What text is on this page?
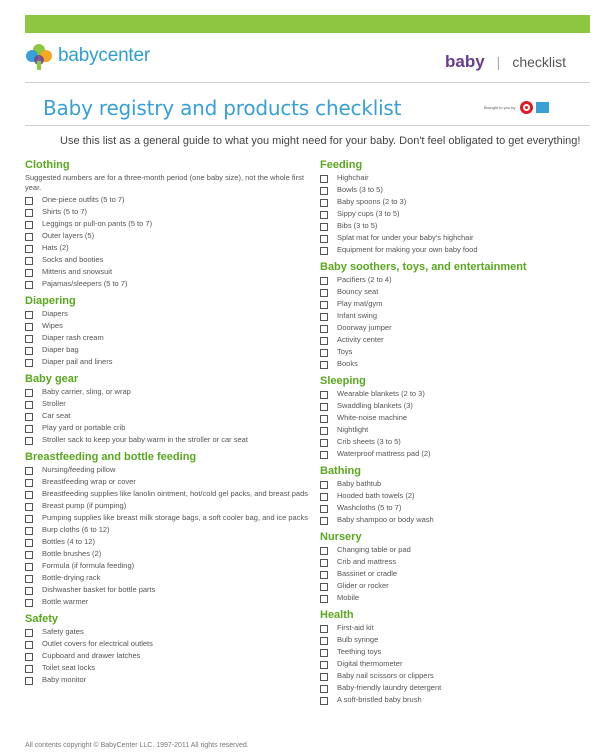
babycenter	baby | checklist
Baby registry and products checklist	Brought to you by
Use this list as a general guide to what you might need for your baby. Don't feel obligated to get everything!
Clothing
Suggested numbers are for a three-month period (one baby size), not the whole first year.
One-piece outfits (5 to 7)
Shirts (5 to 7)
Leggings or pull-on pants (5 to 7)
Outer layers (5)
Hats (2)
Socks and booties
Mittens and snowsuit
Pajamas/sleepers (5 to 7)
Diapering
Diapers
Wipes
Diaper rash cream
Diaper bag
Diaper pail and liners
Baby gear
Baby carrier, sling, or wrap
Stroller
Car seat
Play yard or portable crib
Stroller sack to keep your baby warm in the stroller or car seat
Breastfeeding and bottle feeding
Nursing/feeding pillow
Breastfeeding wrap or cover
Breastfeeding supplies like lanolin ointment, hot/cold gel packs, and breast pads
Breast pump (if pumping)
Pumping supplies like breast milk storage bags, a soft cooler bag, and ice packs
Burp cloths (6 to 12)
Bottles (4 to 12)
Bottle brushes (2)
Formula (if formula feeding)
Bottle-drying rack
Dishwasher basket for bottle parts
Bottle warmer
Safety
Safety gates
Outlet covers for electrical outlets
Cupboard and drawer latches
Toilet seat locks
Baby monitor
Feeding
Highchair
Bowls (3 to 5)
Baby spoons (2 to 3)
Sippy cups (3 to 5)
Bibs (3 to 5)
Splat mat for under your baby's highchair
Equipment for making your own baby food
Baby soothers, toys, and entertainment
Pacifiers (2 to 4)
Bouncy seat
Play mat/gym
Infant swing
Doorway jumper
Activity center
Toys
Books
Sleeping
Wearable blankets (2 to 3)
Swaddling blankets (3)
White-noise machine
Nightlight
Crib sheets (3 to 5)
Waterproof mattress pad (2)
Bathing
Baby bathtub
Hooded bath towels (2)
Washcloths (5 to 7)
Baby shampoo or body wash
Nursery
Changing table or pad
Crib and mattress
Bassinet or cradle
Glider or rocker
Mobile
Health
First-aid kit
Bulb syringe
Teething toys
Digital thermometer
Baby nail scissors or clippers
Baby-friendly laundry detergent
A soft-bristled baby brush
All contents copyright © BabyCenter LLC. 1997-2011 All rights reserved.
